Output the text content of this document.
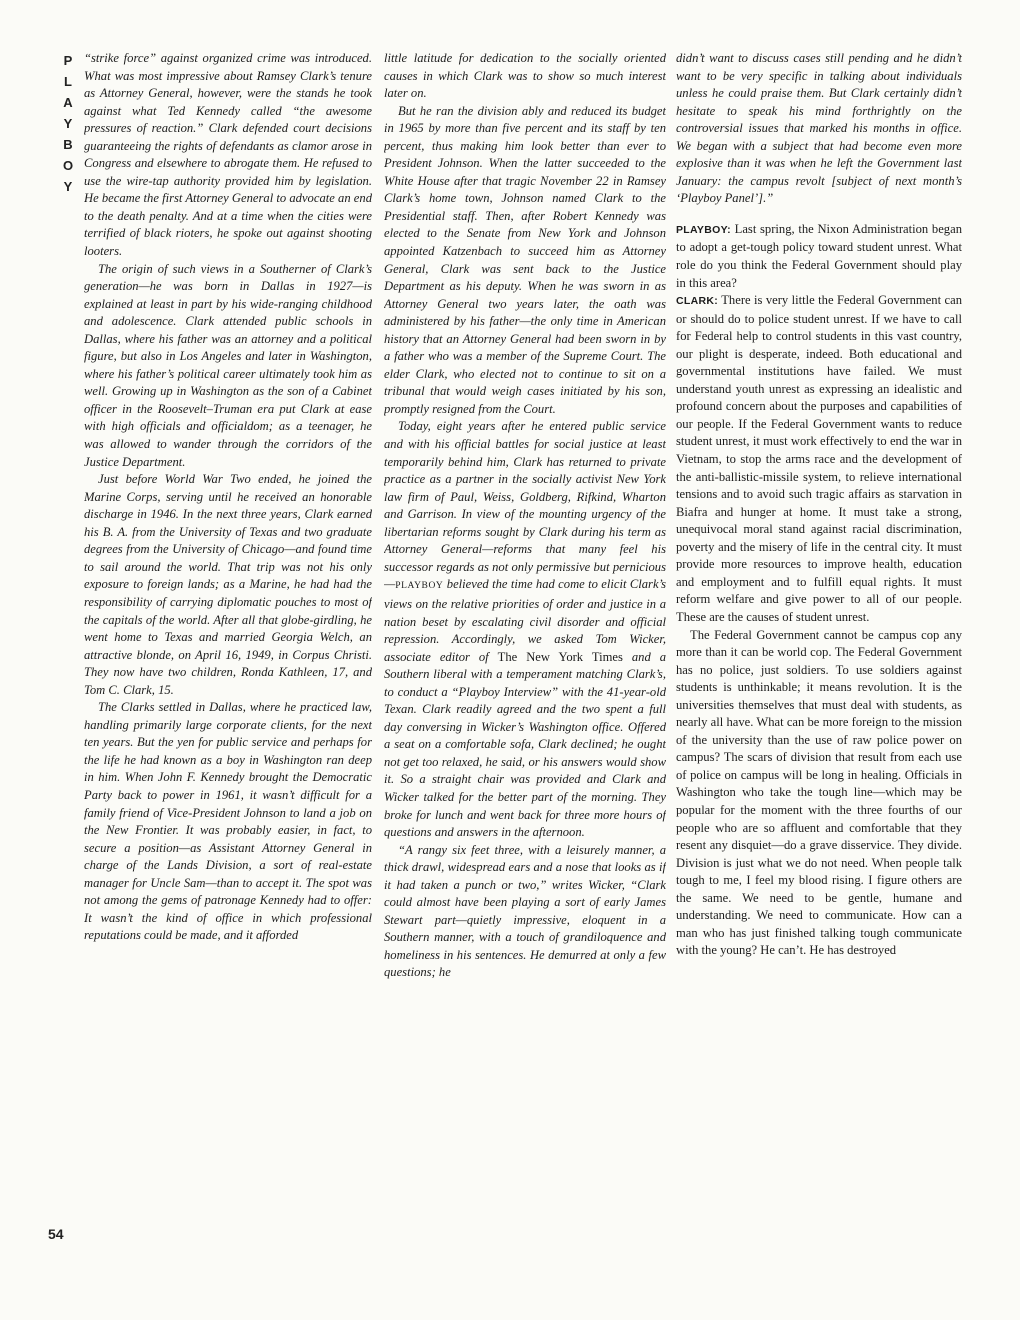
P
L
A
Y
B
O
Y
54

“strike force” against organized crime was introduced. What was most impressive about Ramsey Clark’s tenure as Attorney General, however, were the stands he took against what Ted Kennedy called “the awesome pressures of reaction.” Clark defended court decisions guaranteeing the rights of defendants as clamor arose in Congress and elsewhere to abrogate them. He refused to use the wire-tap authority provided him by legislation. He became the first Attorney General to advocate an end to the death penalty. And at a time when the cities were terrified of black rioters, he spoke out against shooting looters.

The origin of such views in a Southerner of Clark’s generation—he was born in Dallas in 1927—is explained at least in part by his wide-ranging childhood and adolescence. Clark attended public schools in Dallas, where his father was an attorney and a political figure, but also in Los Angeles and later in Washington, where his father’s political career ultimately took him as well. Growing up in Washington as the son of a Cabinet officer in the Roosevelt–Truman era put Clark at ease with high officials and officialdom; as a teenager, he was allowed to wander through the corridors of the Justice Department.

Just before World War Two ended, he joined the Marine Corps, serving until he received an honorable discharge in 1946. In the next three years, Clark earned his B. A. from the University of Texas and two graduate degrees from the University of Chicago—and found time to sail around the world. That trip was not his only exposure to foreign lands; as a Marine, he had had the responsibility of carrying diplomatic pouches to most of the capitals of the world. After all that globe-girdling, he went home to Texas and married Georgia Welch, an attractive blonde, on April 16, 1949, in Corpus Christi. They now have two children, Ronda Kathleen, 17, and Tom C. Clark, 15.

The Clarks settled in Dallas, where he practiced law, handling primarily large corporate clients, for the next ten years. But the yen for public service and perhaps for the life he had known as a boy in Washington ran deep in him. When John F. Kennedy brought the Democratic Party back to power in 1961, it wasn’t difficult for a family friend of Vice-President Johnson to land a job on the New Frontier. It was probably easier, in fact, to secure a position—as Assistant Attorney General in charge of the Lands Division, a sort of real-estate manager for Uncle Sam—than to accept it. The spot was not among the gems of patronage Kennedy had to offer: It wasn’t the kind of office in which professional reputations could be made, and it afforded

little latitude for dedication to the socially oriented causes in which Clark was to show so much interest later on.

But he ran the division ably and reduced its budget in 1965 by more than five percent and its staff by ten percent, thus making him look better than ever to President Johnson. When the latter succeeded to the White House after that tragic November 22 in Ramsey Clark’s home town, Johnson named Clark to the Presidential staff. Then, after Robert Kennedy was elected to the Senate from New York and Johnson appointed Katzenbach to succeed him as Attorney General, Clark was sent back to the Justice Department as his deputy. When he was sworn in as Attorney General two years later, the oath was administered by his father—the only time in American history that an Attorney General had been sworn in by a father who was a member of the Supreme Court. The elder Clark, who elected not to continue to sit on a tribunal that would weigh cases initiated by his son, promptly resigned from the Court.

Today, eight years after he entered public service and with his official battles for social justice at least temporarily behind him, Clark has returned to private practice as a partner in the socially activist New York law firm of Paul, Weiss, Goldberg, Rifkind, Wharton and Garrison. In view of the mounting urgency of the libertarian reforms sought by Clark during his term as Attorney General—reforms that many feel his successor regards as not only permissive but pernicious—PLAYBOY believed the time had come to elicit Clark’s views on the relative priorities of order and justice in a nation beset by escalating civil disorder and official repression. Accordingly, we asked Tom Wicker, associate editor of The New York Times and a Southern liberal with a temperament matching Clark’s, to conduct a “Playboy Interview” with the 41-year-old Texan. Clark readily agreed and the two spent a full day conversing in Wicker’s Washington office. Offered a seat on a comfortable sofa, Clark declined; he ought not get too relaxed, he said, or his answers would show it. So a straight chair was provided and Clark and Wicker talked for the better part of the morning. They broke for lunch and went back for three more hours of questions and answers in the afternoon.

“A rangy six feet three, with a leisurely manner, a thick drawl, widespread ears and a nose that looks as if it had taken a punch or two,” writes Wicker, “Clark could almost have been playing a sort of early James Stewart part—quietly impressive, eloquent in a Southern manner, with a touch of grandiloquence and homeliness in his sentences. He demurred at only a few questions; he

didn’t want to discuss cases still pending and he didn’t want to be very specific in talking about individuals unless he could praise them. But Clark certainly didn’t hesitate to speak his mind forthrightly on the controversial issues that marked his months in office. We began with a subject that had become even more explosive than it was when he left the Government last January: the campus revolt [subject of next month’s ‘Playboy Panel’].”

PLAYBOY: Last spring, the Nixon Administration began to adopt a get-tough policy toward student unrest. What role do you think the Federal Government should play in this area?

CLARK: There is very little the Federal Government can or should do to police student unrest. If we have to call for Federal help to control students in this vast country, our plight is desperate, indeed. Both educational and governmental institutions have failed. We must understand youth unrest as expressing an idealistic and profound concern about the purposes and capabilities of our people. If the Federal Government wants to reduce student unrest, it must work effectively to end the war in Vietnam, to stop the arms race and the development of the anti-ballistic-missile system, to relieve international tensions and to avoid such tragic affairs as starvation in Biafra and hunger at home. It must take a strong, unequivocal moral stand against racial discrimination, poverty and the misery of life in the central city. It must provide more resources to improve health, education and employment and to fulfill equal rights. It must reform welfare and give power to all of our people. These are the causes of student unrest.

The Federal Government cannot be campus cop any more than it can be world cop. The Federal Government has no police, just soldiers. To use soldiers against students is unthinkable; it means revolution. It is the universities themselves that must deal with students, as nearly all have. What can be more foreign to the mission of the university than the use of raw police power on campus? The scars of division that result from each use of police on campus will be long in healing. Officials in Washington who take the tough line—which may be popular for the moment with the three fourths of our people who are so affluent and comfortable that they resent any disquiet—do a grave disservice. They divide. Division is just what we do not need. When people talk tough to me, I feel my blood rising. I figure others are the same. We need to be gentle, humane and understanding. We need to communicate. How can a man who has just finished talking tough communicate with the young? He can’t. He has destroyed
